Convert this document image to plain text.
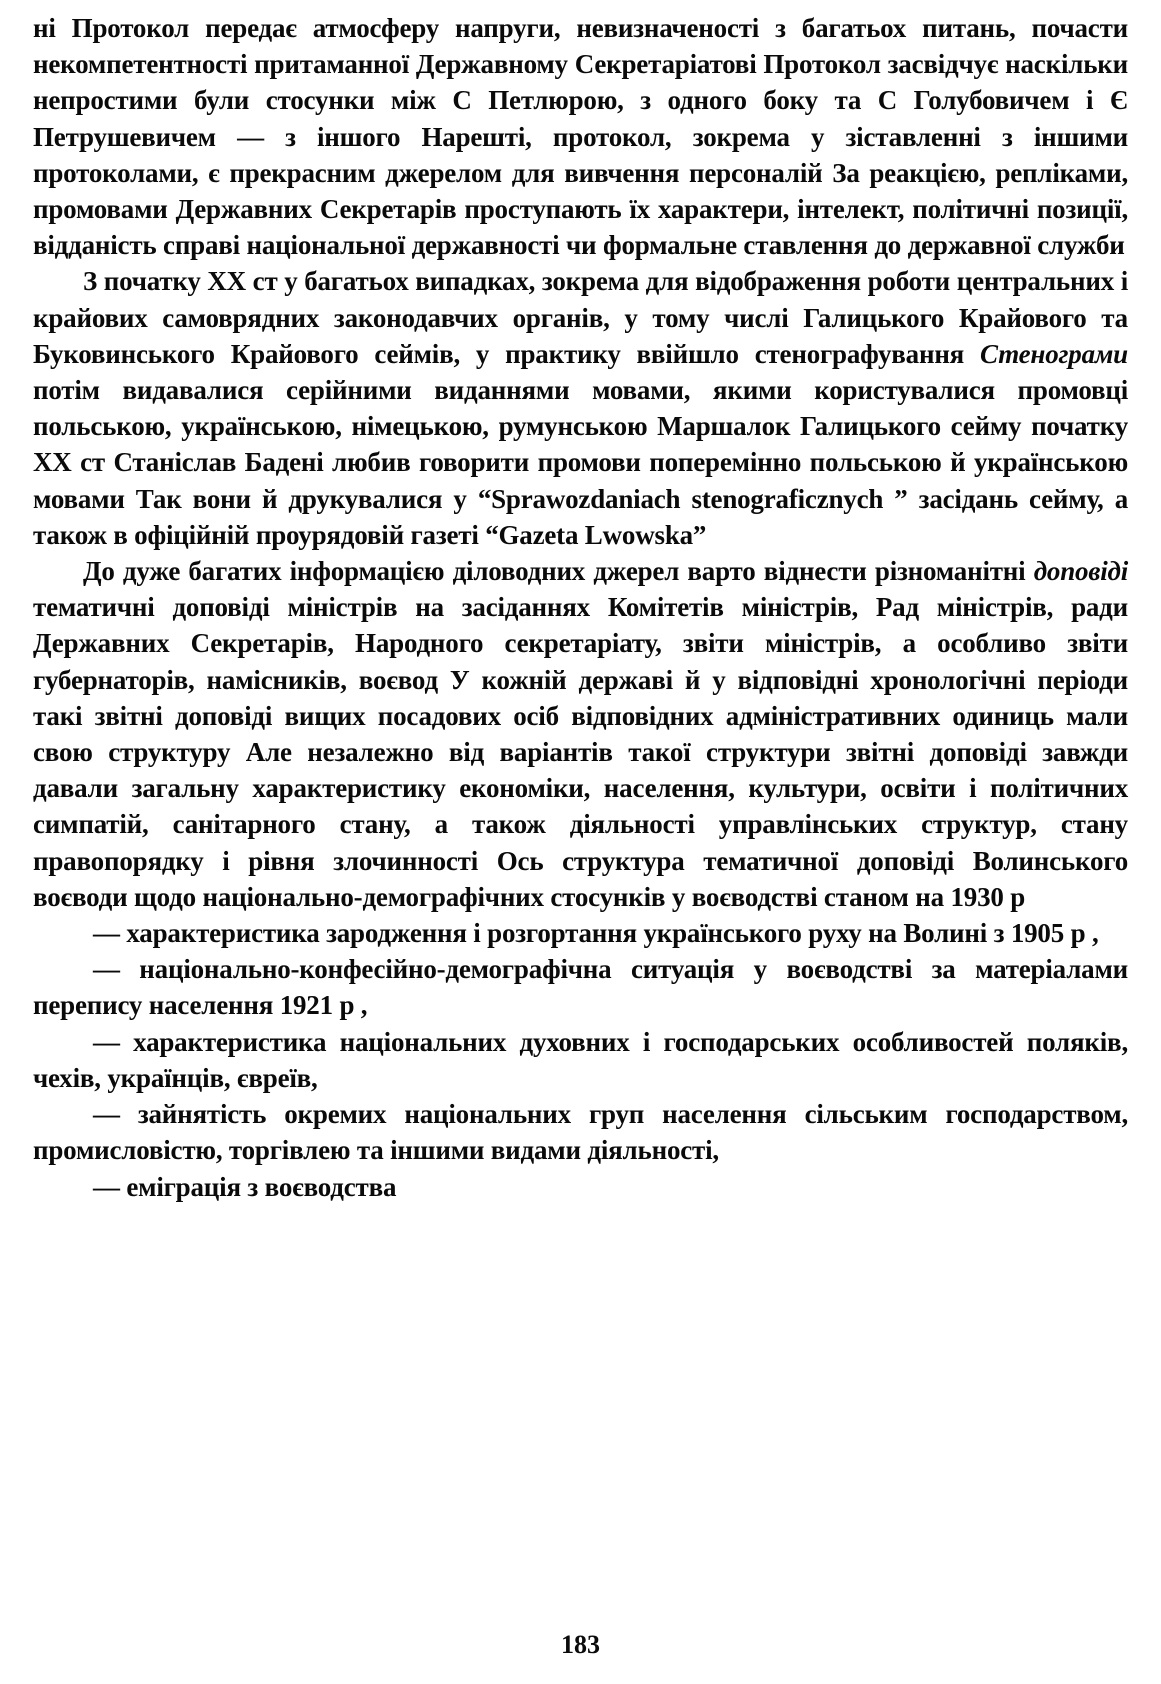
ні Протокол передає атмосферу напруги, невизначеності з багатьох питань, почасти некомпетентності притаманної Державному Секретаріатові Протокол засвідчує наскільки непростими були стосунки між С Петлюрою, з одного боку та С Голубовичем і Є Петрушевичем — з іншого Нарешті, протокол, зокрема у зіставленні з іншими протоколами, є прекрасним джерелом для вивчення персоналій За реакцією, репліками, промовами Державних Секретарів проступають їх характери, інтелект, політичні позиції, відданість справі національної державності чи формальне ставлення до державної служби

З початку XX ст у багатьох випадках, зокрема для відображення роботи центральних і крайових самоврядних законодавчих органів, у тому числі Галицького Крайового та Буковинського Крайового сеймів, у практику ввійшло стенографування Стенограми потім видавалися серійними виданнями мовами, якими користувалися промовці польською, українською, німецькою, румунською Маршалок Галицького сейму початку XX ст Станіслав Бадені любив говорити промови поперемінно польською й українською мовами Так вони й друкувалися у “Sprawozdaniach stenograficznych ” засідань сейму, а також в офіційній проурядовій газеті “Gazeta Lwowska”

До дуже багатих інформацією діловодних джерел варто віднести різноманітні доповіді тематичні доповіді міністрів на засіданнях Комітетів міністрів, Рад міністрів, ради Державних Секретарів, Народного секретаріату, звіти міністрів, а особливо звіти губернаторів, намісників, воєвод У кожній державі й у відповідні хронологічні періоди такі звітні доповіді вищих посадових осіб відповідних адміністративних одиниць мали свою структуру Але незалежно від варіантів такої структури звітні доповіді завжди давали загальну характеристику економіки, населення, культури, освіти і політичних симпатій, санітарного стану, а також діяльності управлінських структур, стану правопорядку і рівня злочинності Ось структура тематичної доповіді Волинського воєводи щодо національно-демографічних стосунків у воєводстві станом на 1930 р

— характеристика зародження і розгортання українського руху на Волині з 1905 р ,

— національно-конфесійно-демографічна ситуація у воєводстві за матеріалами перепису населення 1921 р ,

— характеристика національних духовних і господарських особливостей поляків, чехів, українців, євреїв,

— зайнятість окремих національних груп населення сільським господарством, промисловістю, торгівлею та іншими видами діяльності,

— еміграція з воєводства

183
